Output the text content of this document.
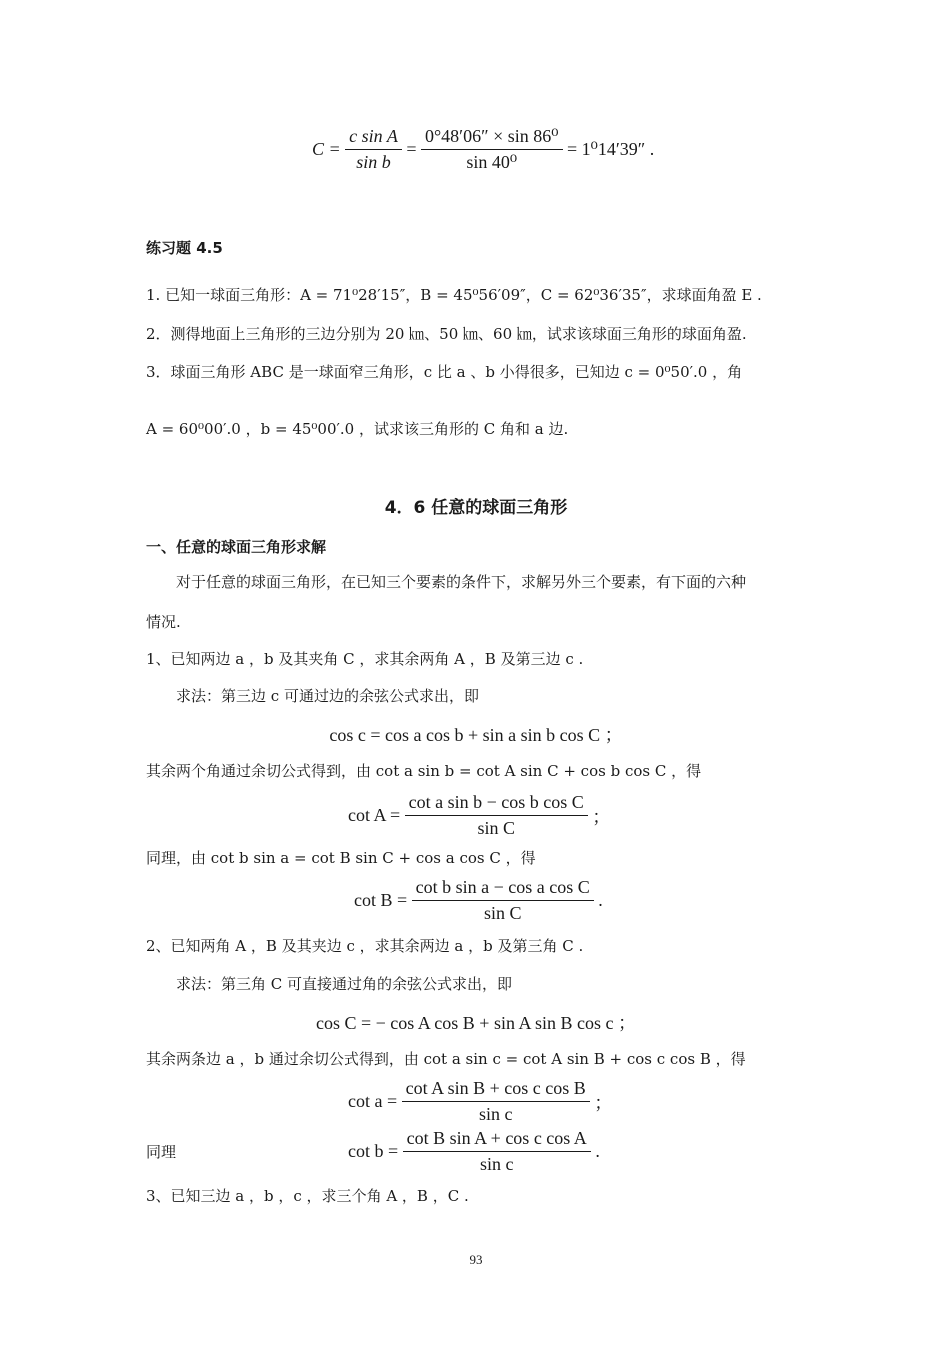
$C = \frac{\text{c sin A}}{\text{sin b}} = \frac{\text{0°48′06″ × sin 86⁰}}{\text{sin 40⁰}} = 1^014'39''$ .
练习题 4.5
1. 已知一球面三角形：A = 71⁰28′15″，B = 45⁰56′09″，C = 62⁰36′35″，求球面角盈 E .
2．测得地面上三角形的三边分别为 20 ㎞、50 ㎞、60 ㎞，试求该球面三角形的球面角盈.
3．球面三角形 ABC 是一球面窄三角形，c 比 a 、b 小得很多，已知边 c = 0⁰50′.0 ，角
A = 60⁰00′.0 ，b = 45⁰00′.0 ，试求该三角形的 C 角和 a 边.
4．6 任意的球面三角形
一、任意的球面三角形求解
对于任意的球面三角形，在已知三个要素的条件下，求解另外三个要素，有下面的六种
情况.
1、已知两边 a ，b 及其夹角 C ，求其余两角 A ，B 及第三边 c .
求法：第三边 c 可通过边的余弦公式求出，即
cos c = cos a cos b + sin a sin b cos C ；
其余两个角通过余切公式得到，由 cot a sin b = cot A sin C + cos b cos C ，得
$\cot A = \frac{\text{cot a sin b − cos b cos C}}{\text{sin C}}$ ；
同理，由 cot b sin a = cot B sin C + cos a cos C ，得
$\cot B = \frac{\text{cot b sin a − cos a cos C}}{\text{sin C}}$ .
2、已知两角 A ，B 及其夹边 c ，求其余两边 a ，b 及第三角 C .
求法：第三角 C 可直接通过角的余弦公式求出，即
cos C = − cos A cos B + sin A sin B cos c ；
其余两条边 a ，b 通过余切公式得到，由 cot a sin c = cot A sin B + cos c cos B ，得
$\cot a = \frac{\text{cot A sin B + cos c cos B}}{\text{sin c}}$ ；
同理	$\cot b = \frac{\text{cot B sin A + cos c cos A}}{\text{sin c}}$ .
3、已知三边 a ，b ，c ，求三个角 A ，B ，C .
93
